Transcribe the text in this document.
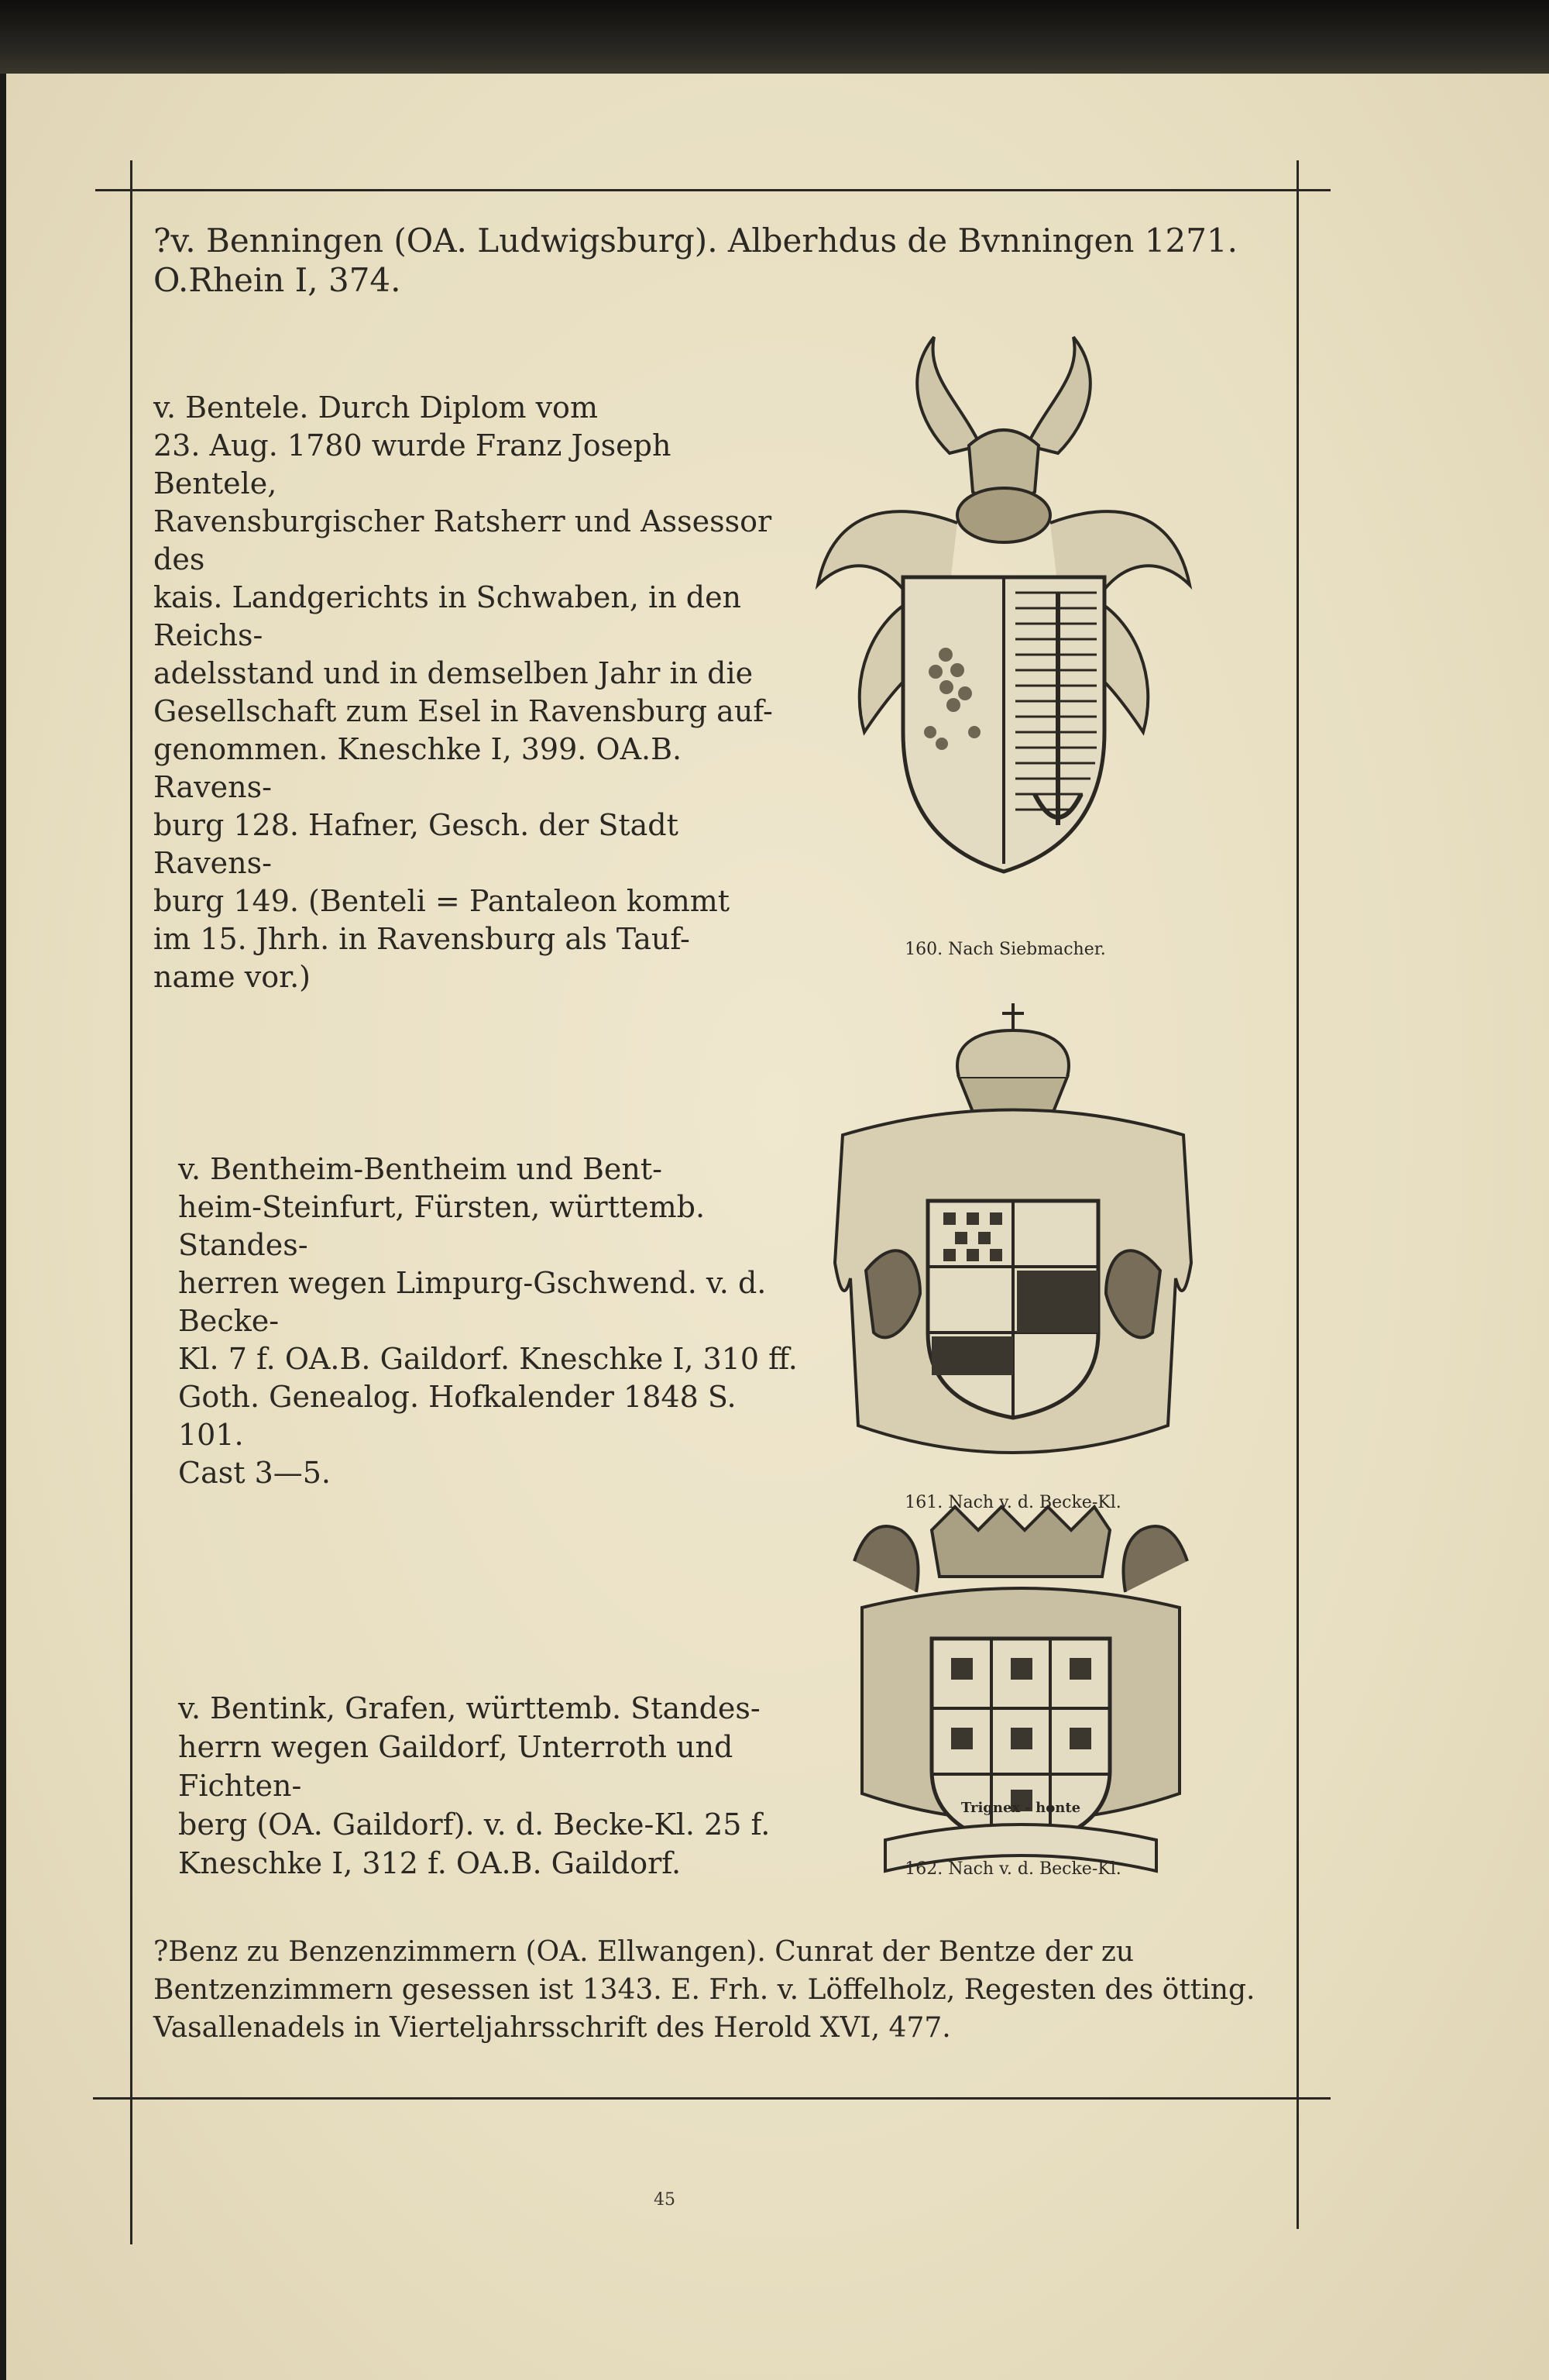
?v. Benningen (OA. Ludwigsburg). Alberhdus de Bvnningen 1271.
O.Rhein I, 374.
v. Bentele. Durch Diplom vom
23. Aug. 1780 wurde Franz Joseph Bentele,
Ravensburgischer Ratsherr und Assessor des
kais. Landgerichts in Schwaben, in den Reichs-
adelsstand und in demselben Jahr in die
Gesellschaft zum Esel in Ravensburg auf-
genommen. Kneschke I, 399. OA.B. Ravens-
burg 128. Hafner, Gesch. der Stadt Ravens-
burg 149. (Benteli = Pantaleon kommt
im 15. Jhrh. in Ravensburg als Tauf-
name vor.)
160. Nach Siebmacher.
161. Nach v. d. Becke-Kl.
v. Bentheim-Bentheim und Bent-
heim-Steinfurt, Fürsten, württemb. Standes-
herren wegen Limpurg-Gschwend. v. d. Becke-
Kl. 7 f. OA.B. Gaildorf. Kneschke I, 310 ff.
Goth. Genealog. Hofkalender 1848 S. 101.
Cast 3—5.
Trignex - honte
162. Nach v. d. Becke-Kl.
v. Bentink, Grafen, württemb. Standes-
herrn wegen Gaildorf, Unterroth und Fichten-
berg (OA. Gaildorf). v. d. Becke-Kl. 25 f.
Kneschke I, 312 f. OA.B. Gaildorf.
?Benz zu Benzenzimmern (OA. Ellwangen). Cunrat der Bentze der zu
Bentzenzimmern gesessen ist 1343. E. Frh. v. Löffelholz, Regesten des ötting.
Vasallenadels in Vierteljahrsschrift des Herold XVI, 477.
45
